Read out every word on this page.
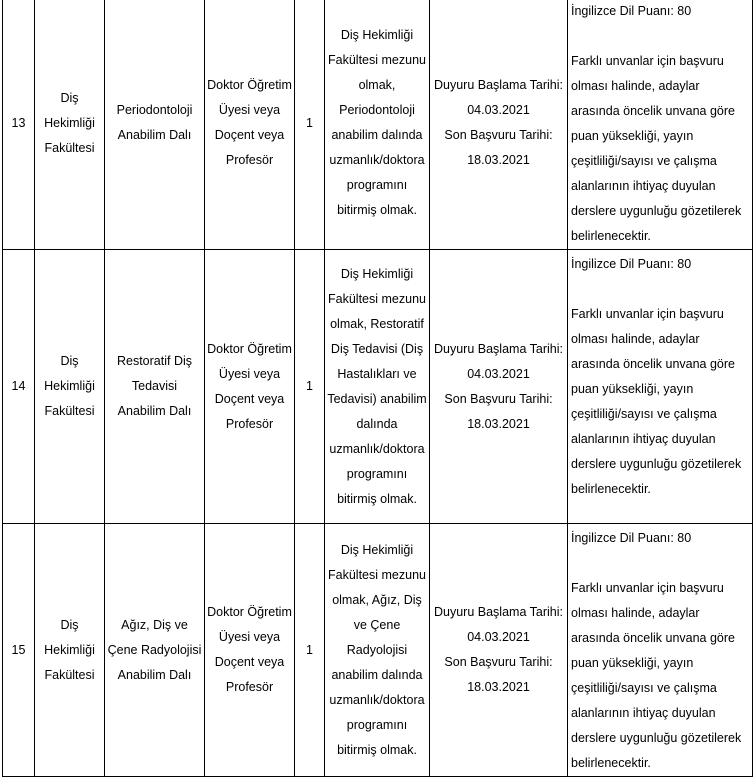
13	Diş Hekimliği Fakültesi	Periodontoloji Anabilim Dalı	Doktor Öğretim Üyesi veya Doçent veya Profesör	1	Diş Hekimliği Fakültesi mezunu olmak, Periodontoloji anabilim dalında uzmanlık/doktora programını bitirmiş olmak.	Duyuru Başlama Tarihi: 04.03.2021
Son Başvuru Tarihi: 18.03.2021	İngilizce Dil Puanı: 80
Farklı unvanlar için başvuru olması halinde, adaylar arasında öncelik unvana göre puan yüksekliği, yayın çeşitliliği/sayısı ve çalışma alanlarının ihtiyaç duyulan derslere uygunluğu gözetilerek belirlenecektir.

14	Diş Hekimliği Fakültesi	Restoratif Diş Tedavisi Anabilim Dalı	Doktor Öğretim Üyesi veya Doçent veya Profesör	1	Diş Hekimliği Fakültesi mezunu olmak, Restoratif Diş Tedavisi (Diş Hastalıkları ve Tedavisi) anabilim dalında uzmanlık/doktora programını bitirmiş olmak.	Duyuru Başlama Tarihi: 04.03.2021
Son Başvuru Tarihi: 18.03.2021	İngilizce Dil Puanı: 80
Farklı unvanlar için başvuru olması halinde, adaylar arasında öncelik unvana göre puan yüksekliği, yayın çeşitliliği/sayısı ve çalışma alanlarının ihtiyaç duyulan derslere uygunluğu gözetilerek belirlenecektir.

15	Diş Hekimliği Fakültesi	Ağız, Diş ve Çene Radyolojisi Anabilim Dalı	Doktor Öğretim Üyesi veya Doçent veya Profesör	1	Diş Hekimliği Fakültesi mezunu olmak, Ağız, Diş ve Çene Radyolojisi anabilim dalında uzmanlık/doktora programını bitirmiş olmak.	Duyuru Başlama Tarihi: 04.03.2021
Son Başvuru Tarihi: 18.03.2021	İngilizce Dil Puanı: 80
Farklı unvanlar için başvuru olması halinde, adaylar arasında öncelik unvana göre puan yüksekliği, yayın çeşitliliği/sayısı ve çalışma alanlarının ihtiyaç duyulan derslere uygunluğu gözetilerek belirlenecektir.
